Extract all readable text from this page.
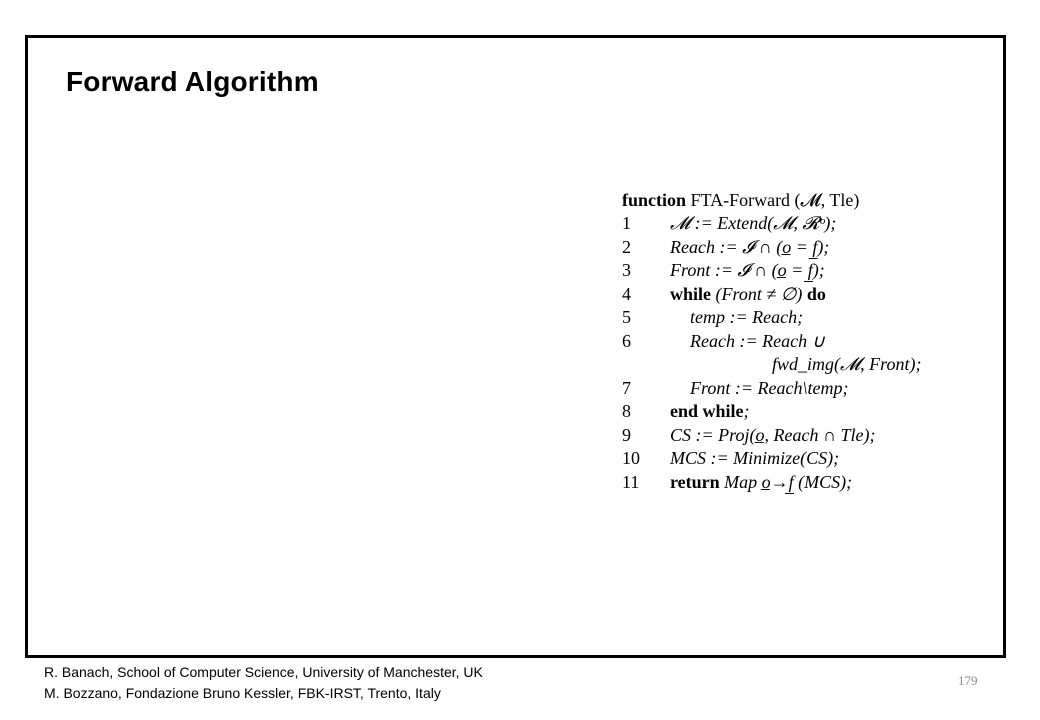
Forward Algorithm
function FTA-Forward (𝓜, Tle)
1	𝓜 := Extend(𝓜, 𝓡ᵒ);
2	Reach := 𝓘 ∩ (o̲ = f̲);
3	Front := 𝓘 ∩ (o̲ = f̲);
4	while (Front ≠ ∅) do
5	temp := Reach;
6	Reach := Reach ∪
fwd_img(𝓜, Front);
7	Front := Reach\temp;
8	end while;
9	CS := Proj(o̲, Reach ∩ Tle);
10	MCS := Minimize(CS);
11	return Map o̲→f̲ (MCS);
R. Banach, School of Computer Science, University of Manchester, UK
M. Bozzano, Fondazione Bruno Kessler, FBK-IRST, Trento, Italy
179
